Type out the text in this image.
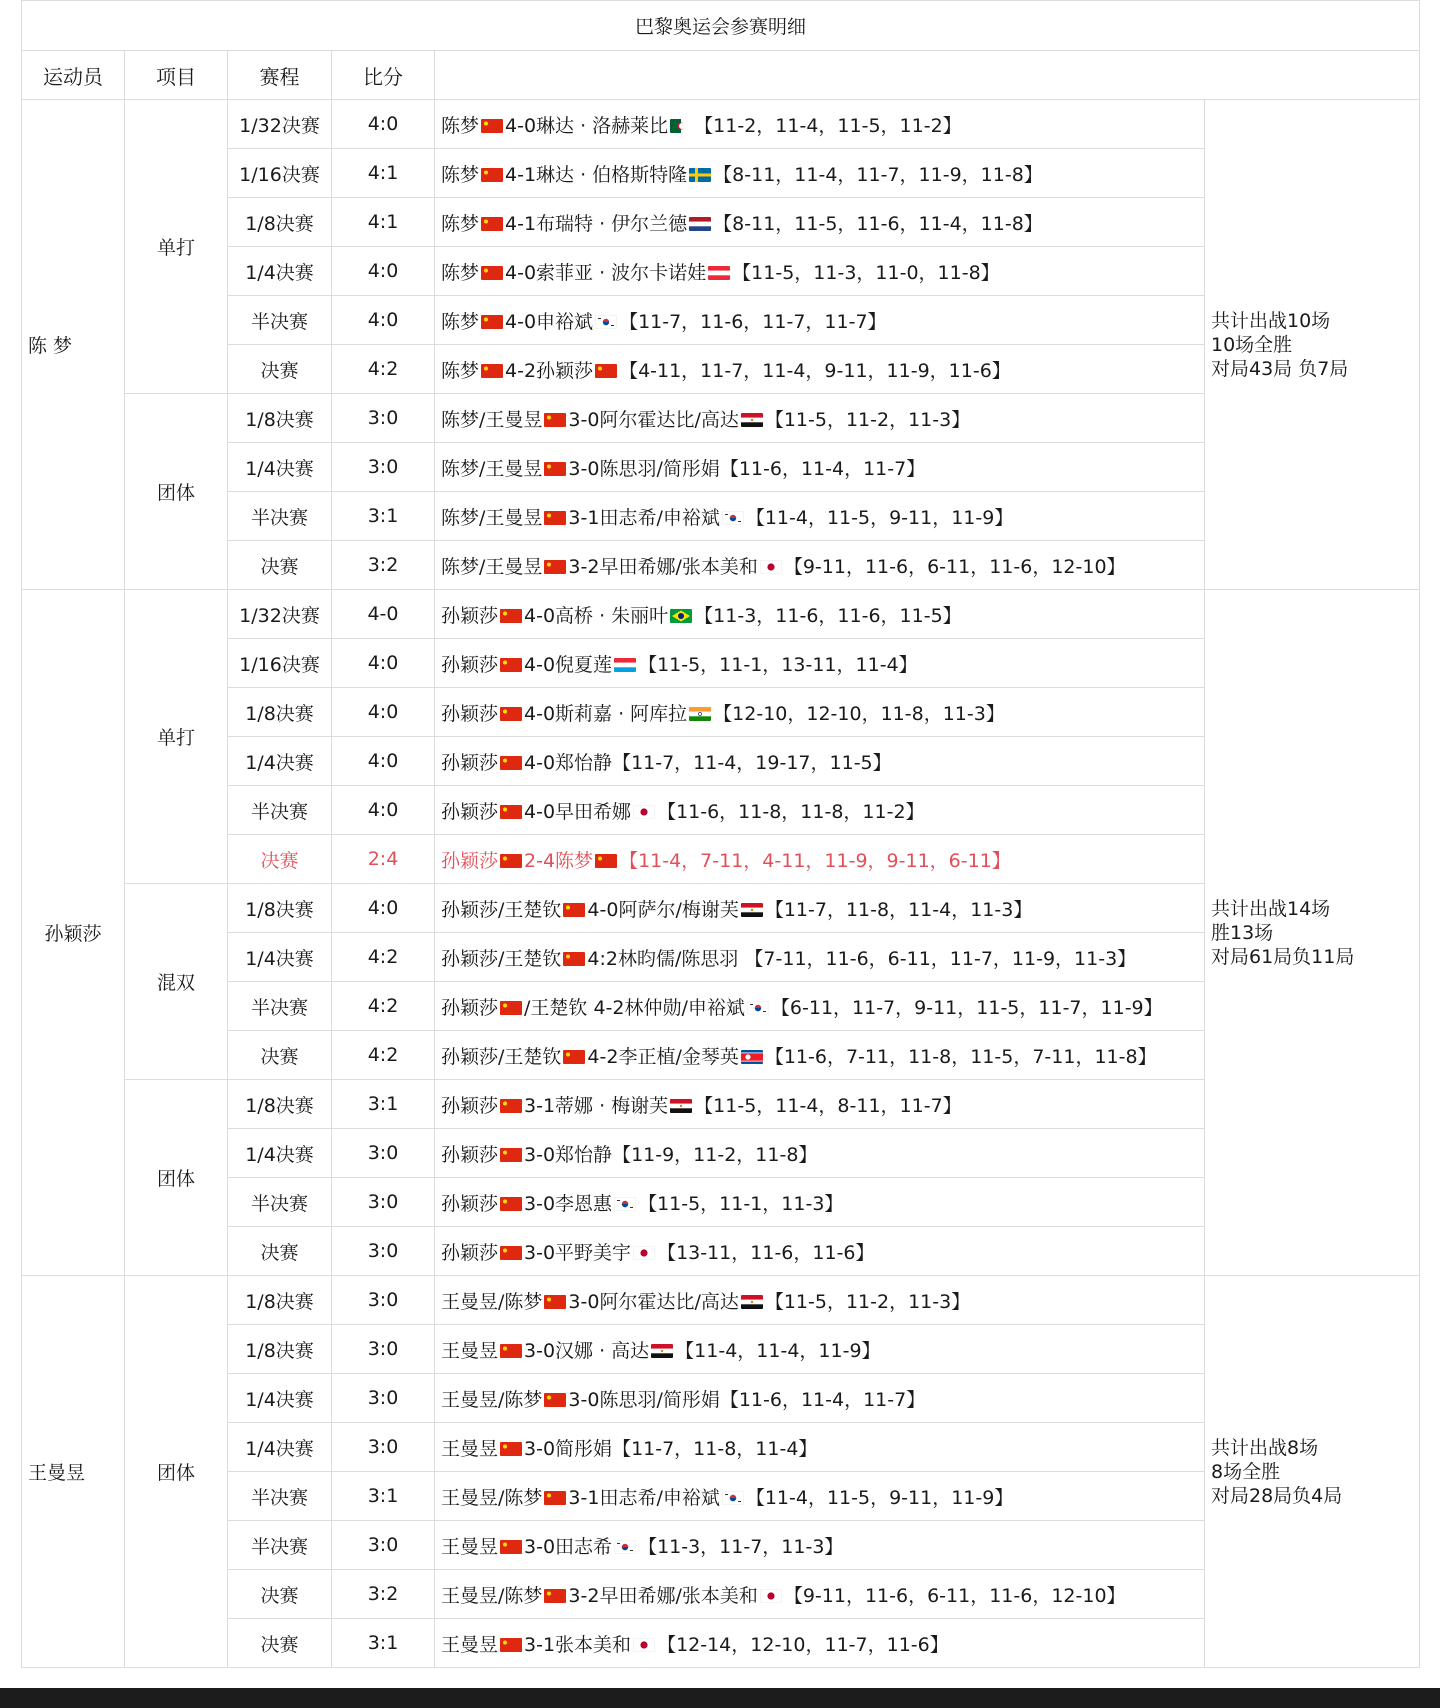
巴黎奥运会参赛明细					
运动员	项目	赛程	比分		
陈 梦	单打	1/32决赛	4:0	陈梦 4-0琳达 · 洛赫莱比 【11-2，11-4，11-5，11-2】	共计出战10场
10场全胜
对局43局 负7局

		1/16决赛	4:1	陈梦 4-1琳达 · 伯格斯特隆 【8-11，11-4，11-7，11-9，11-8】	
		1/8决赛	4:1	陈梦 4-1布瑞特 · 伊尔兰德 【8-11，11-5，11-6，11-4，11-8】	
		1/4决赛	4:0	陈梦 4-0索菲亚 · 波尔卡诺娃 【11-5，11-3，11-0，11-8】	
		半决赛	4:0	陈梦 4-0申裕斌 【11-7，11-6，11-7，11-7】	
		决赛	4:2	陈梦 4-2孙颖莎 【4-11，11-7，11-4，9-11，11-9，11-6】	
	团体	1/8决赛	3:0	陈梦/王曼昱 3-0阿尔霍达比/高达 【11-5，11-2，11-3】	
		1/4决赛	3:0	陈梦/王曼昱 3-0陈思羽/简彤娟【11-6，11-4，11-7】	
		半决赛	3:1	陈梦/王曼昱 3-1田志希/申裕斌 【11-4，11-5，9-11，11-9】	
		决赛	3:2	陈梦/王曼昱 3-2早田希娜/张本美和 【9-11，11-6，6-11，11-6，12-10】	
孙颖莎	单打	1/32决赛	4-0	孙颖莎 4-0高桥 · 朱丽叶 【11-3，11-6，11-6，11-5】	共计出战14场
胜13场
对局61局负11局

		1/16决赛	4:0	孙颖莎 4-0倪夏莲 【11-5，11-1，13-11，11-4】	
		1/8决赛	4:0	孙颖莎 4-0斯莉嘉 · 阿库拉 【12-10，12-10，11-8，11-3】	
		1/4决赛	4:0	孙颖莎 4-0郑怡静【11-7，11-4，19-17，11-5】	
		半决赛	4:0	孙颖莎 4-0早田希娜 【11-6，11-8，11-8，11-2】	
		决赛	2:4	孙颖莎 2-4陈梦 【11-4，7-11，4-11，11-9，9-11，6-11】	
	混双	1/8决赛	4:0	孙颖莎/王楚钦 4-0阿萨尔/梅谢芙 【11-7，11-8，11-4，11-3】	
		1/4决赛	4:2	孙颖莎/王楚钦 4:2林昀儒/陈思羽 【7-11，11-6，6-11，11-7，11-9，11-3】	
		半决赛	4:2	孙颖莎 /王楚钦 4-2林仲勋/申裕斌 【6-11，11-7，9-11，11-5，11-7，11-9】	
		决赛	4:2	孙颖莎/王楚钦 4-2李正植/金琴英 【11-6，7-11，11-8，11-5，7-11，11-8】	
	团体	1/8决赛	3:1	孙颖莎 3-1蒂娜 · 梅谢芙 【11-5，11-4，8-11，11-7】	
		1/4决赛	3:0	孙颖莎 3-0郑怡静【11-9，11-2，11-8】	
		半决赛	3:0	孙颖莎 3-0李恩惠 【11-5，11-1，11-3】	
		决赛	3:0	孙颖莎 3-0平野美宇 【13-11，11-6，11-6】	
王曼昱	团体	1/8决赛	3:0	王曼昱/陈梦 3-0阿尔霍达比/高达 【11-5，11-2，11-3】	共计出战8场
8场全胜
对局28局负4局

		1/8决赛	3:0	王曼昱 3-0汉娜 · 高达 【11-4，11-4，11-9】	
		1/4决赛	3:0	王曼昱/陈梦 3-0陈思羽/简彤娟【11-6，11-4，11-7】	
		1/4决赛	3:0	王曼昱 3-0简彤娟【11-7，11-8，11-4】	
		半决赛	3:1	王曼昱/陈梦 3-1田志希/申裕斌 【11-4，11-5，9-11，11-9】	
		半决赛	3:0	王曼昱 3-0田志希 【11-3，11-7，11-3】	
		决赛	3:2	王曼昱/陈梦 3-2早田希娜/张本美和 【9-11，11-6，6-11，11-6，12-10】	
		决赛	3:1	王曼昱 3-1张本美和 【12-14，12-10，11-7，11-6】	
